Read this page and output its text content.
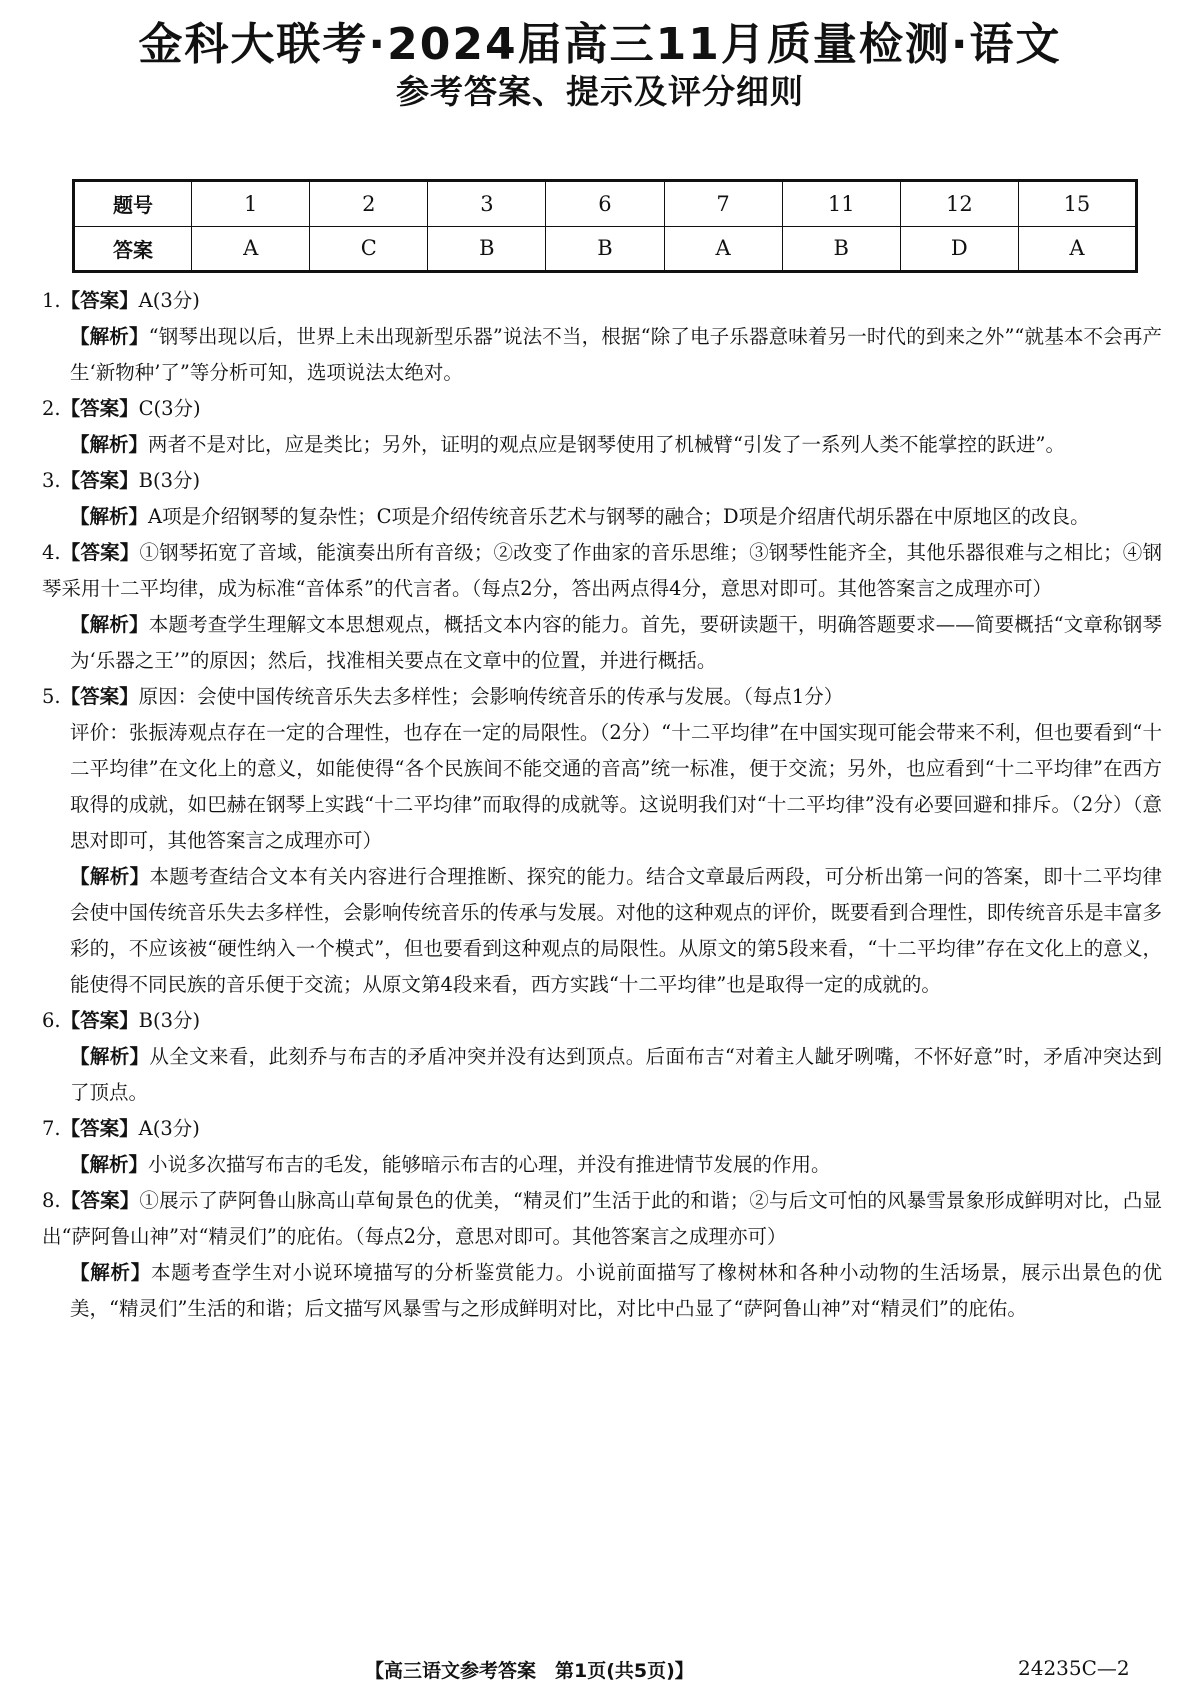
金科大联考·2024届高三11月质量检测·语文
参考答案、提示及评分细则
题号	1	2	3	6	7	11	12	15
答案	A	C	B	B	A	B	D	A

1.【答案】A(3分)

【解析】“钢琴出现以后，世界上未出现新型乐器”说法不当，根据“除了电子乐器意味着另一时代的到来之外”“就基本不会再产生‘新物种’了”等分析可知，选项说法太绝对。

2.【答案】C(3分)

【解析】两者不是对比，应是类比；另外，证明的观点应是钢琴使用了机械臂“引发了一系列人类不能掌控的跃进”。

3.【答案】B(3分)

【解析】A项是介绍钢琴的复杂性；C项是介绍传统音乐艺术与钢琴的融合；D项是介绍唐代胡乐器在中原地区的改良。

4.【答案】①钢琴拓宽了音域，能演奏出所有音级；②改变了作曲家的音乐思维；③钢琴性能齐全，其他乐器很难与之相比；④钢琴采用十二平均律，成为标准“音体系”的代言者。（每点2分，答出两点得4分，意思对即可。其他答案言之成理亦可）

【解析】本题考查学生理解文本思想观点，概括文本内容的能力。首先，要研读题干，明确答题要求——简要概括“文章称钢琴为‘乐器之王’”的原因；然后，找准相关要点在文章中的位置，并进行概括。

5.【答案】原因：会使中国传统音乐失去多样性；会影响传统音乐的传承与发展。（每点1分）

评价：张振涛观点存在一定的合理性，也存在一定的局限性。（2分）“十二平均律”在中国实现可能会带来不利，但也要看到“十二平均律”在文化上的意义，如能使得“各个民族间不能交通的音高”统一标准，便于交流；另外，也应看到“十二平均律”在西方取得的成就，如巴赫在钢琴上实践“十二平均律”而取得的成就等。这说明我们对“十二平均律”没有必要回避和排斥。（2分）（意思对即可，其他答案言之成理亦可）

【解析】本题考查结合文本有关内容进行合理推断、探究的能力。结合文章最后两段，可分析出第一问的答案，即十二平均律会使中国传统音乐失去多样性，会影响传统音乐的传承与发展。对他的这种观点的评价，既要看到合理性，即传统音乐是丰富多彩的，不应该被“硬性纳入一个模式”，但也要看到这种观点的局限性。从原文的第5段来看，“十二平均律”存在文化上的意义，能使得不同民族的音乐便于交流；从原文第4段来看，西方实践“十二平均律”也是取得一定的成就的。

6.【答案】B(3分)

【解析】从全文来看，此刻乔与布吉的矛盾冲突并没有达到顶点。后面布吉“对着主人龇牙咧嘴，不怀好意”时，矛盾冲突达到了顶点。

7.【答案】A(3分)

【解析】小说多次描写布吉的毛发，能够暗示布吉的心理，并没有推进情节发展的作用。

8.【答案】①展示了萨阿鲁山脉高山草甸景色的优美，“精灵们”生活于此的和谐；②与后文可怕的风暴雪景象形成鲜明对比，凸显出“萨阿鲁山神”对“精灵们”的庇佑。（每点2分，意思对即可。其他答案言之成理亦可）

【解析】本题考查学生对小说环境描写的分析鉴赏能力。小说前面描写了橡树林和各种小动物的生活场景，展示出景色的优美，“精灵们”生活的和谐；后文描写风暴雪与之形成鲜明对比，对比中凸显了“萨阿鲁山神”对“精灵们”的庇佑。

【高三语文参考答案　第1页(共5页)】	24235C—2
